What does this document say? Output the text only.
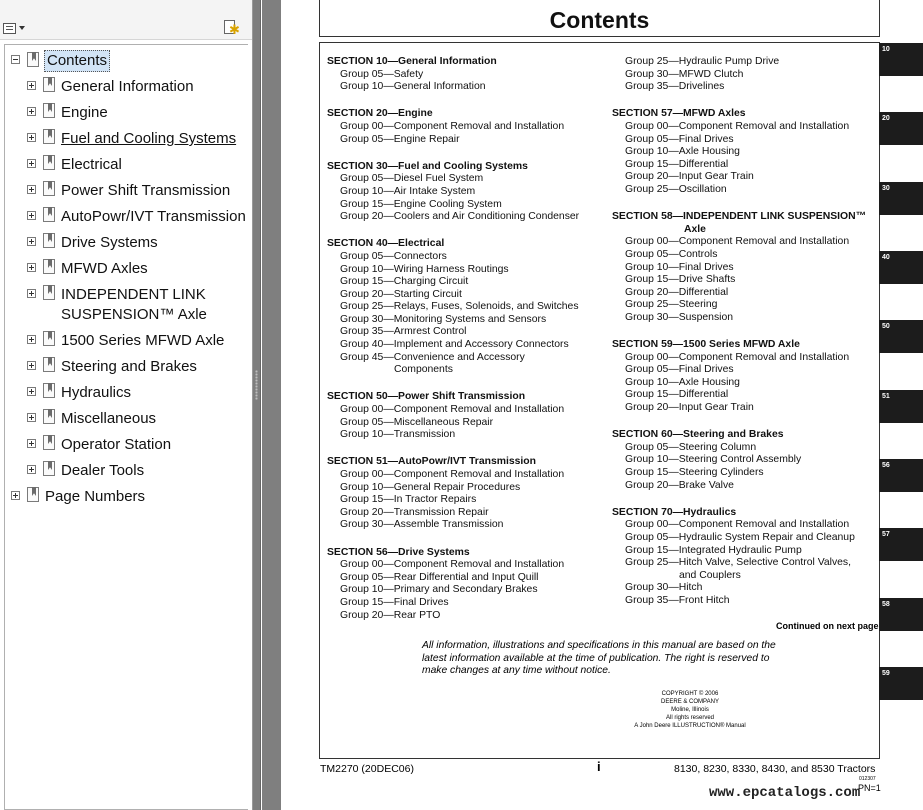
✱
Contents
General Information
Engine
Fuel and Cooling Systems
Electrical
Power Shift Transmission
AutoPowr/IVT Transmission
Drive Systems
MFWD Axles
INDEPENDENT LINK
SUSPENSION™ Axle
1500 Series MFWD Axle
Steering and Brakes
Hydraulics
Miscellaneous
Operator Station
Dealer Tools
Page Numbers
Contents
SECTION 10—General Information
Group 05—Safety
Group 10—General Information
SECTION 20—Engine
Group 00—Component Removal and Installation
Group 05—Engine Repair
SECTION 30—Fuel and Cooling Systems
Group 05—Diesel Fuel System
Group 10—Air Intake System
Group 15—Engine Cooling System
Group 20—Coolers and Air Conditioning Condenser
SECTION 40—Electrical
Group 05—Connectors
Group 10—Wiring Harness Routings
Group 15—Charging Circuit
Group 20—Starting Circuit
Group 25—Relays, Fuses, Solenoids, and Switches
Group 30—Monitoring Systems and Sensors
Group 35—Armrest Control
Group 40—Implement and Accessory Connectors
Group 45—Convenience and Accessory
Components
SECTION 50—Power Shift Transmission
Group 00—Component Removal and Installation
Group 05—Miscellaneous Repair
Group 10—Transmission
SECTION 51—AutoPowr/IVT Transmission
Group 00—Component Removal and Installation
Group 10—General Repair Procedures
Group 15—In Tractor Repairs
Group 20—Transmission Repair
Group 30—Assemble Transmission
SECTION 56—Drive Systems
Group 00—Component Removal and Installation
Group 05—Rear Differential and Input Quill
Group 10—Primary and Secondary Brakes
Group 15—Final Drives
Group 20—Rear PTO
Group 25—Hydraulic Pump Drive
Group 30—MFWD Clutch
Group 35—Drivelines
SECTION 57—MFWD Axles
Group 00—Component Removal and Installation
Group 05—Final Drives
Group 10—Axle Housing
Group 15—Differential
Group 20—Input Gear Train
Group 25—Oscillation
SECTION 58—INDEPENDENT LINK SUSPENSION™
Axle
Group 00—Component Removal and Installation
Group 05—Controls
Group 10—Final Drives
Group 15—Drive Shafts
Group 20—Differential
Group 25—Steering
Group 30—Suspension
SECTION 59—1500 Series MFWD Axle
Group 00—Component Removal and Installation
Group 05—Final Drives
Group 10—Axle Housing
Group 15—Differential
Group 20—Input Gear Train
SECTION 60—Steering and Brakes
Group 05—Steering Column
Group 10—Steering Control Assembly
Group 15—Steering Cylinders
Group 20—Brake Valve
SECTION 70—Hydraulics
Group 00—Component Removal and Installation
Group 05—Hydraulic System Repair and Cleanup
Group 15—Integrated Hydraulic Pump
Group 25—Hitch Valve, Selective Control Valves,
and Couplers
Group 30—Hitch
Group 35—Front Hitch
Continued on next page
All information, illustrations and specifications in this manual are based on the latest information available at the time of publication. The right is reserved to make changes at any time without notice.
COPYRIGHT © 2006
DEERE & COMPANY
Moline, Illinois
All rights reserved
A John Deere ILLUSTRUCTION® Manual
10
20
30
40
50
51
56
57
58
59
TM2270 (20DEC06)	i	8130, 8230, 8330, 8430, and 8530 Tractors
012307
PN=1
www.epcatalogs.com
